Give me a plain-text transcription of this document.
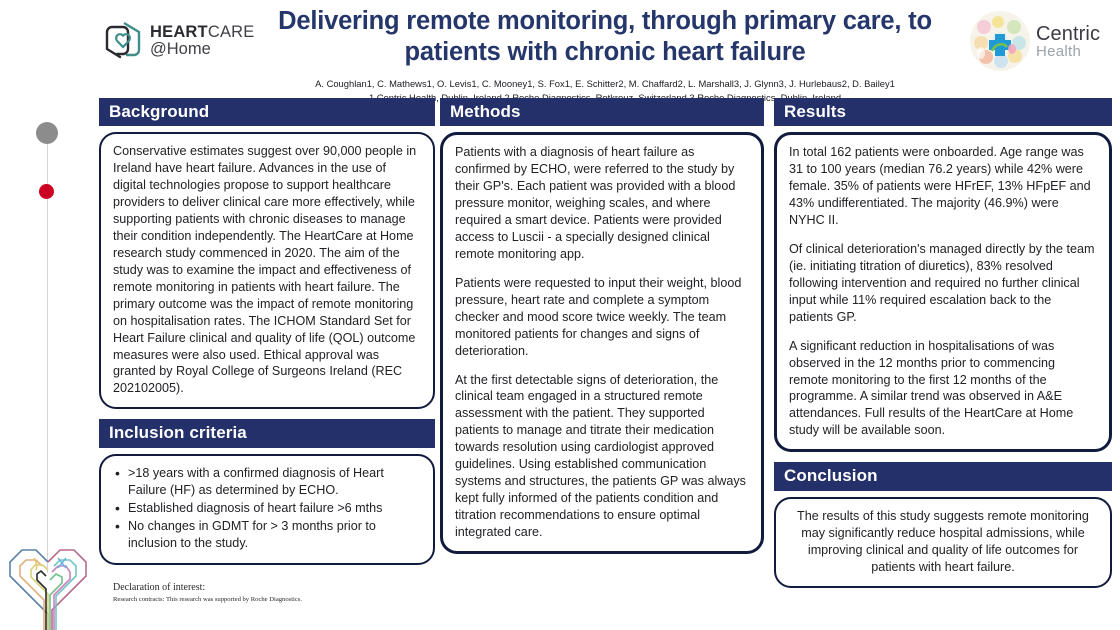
HEARTCARE
@Home
Delivering remote monitoring, through primary care, to patients with chronic heart failure
A. Coughlan1, C. Mathews1, O. Levis1, C. Mooney1, S. Fox1, E. Schitter2, M. Chaffard2, L. Marshall3, J. Glynn3, J. Hurlebaus2, D. Bailey1
Centric
Health
Background

Conservative estimates suggest over 90,000 people in Ireland have heart failure. Advances in the use of digital technologies propose to support healthcare providers to deliver clinical care more effectively, while supporting patients with chronic diseases to manage their condition independently. The HeartCare at Home research study commenced in 2020. The aim of the study was to examine the impact and effectiveness of remote monitoring in patients with heart failure. The primary outcome was the impact of remote monitoring on hospitalisation rates. The ICHOM Standard Set for Heart Failure clinical and quality of life (QOL) outcome measures were also used. Ethical approval was granted by Royal College of Surgeons Ireland (REC 202102005).

Inclusion criteria
• >18 years with a confirmed diagnosis of Heart Failure (HF) as determined by ECHO.
• Established diagnosis of heart failure >6 mths
• No changes in GDMT for > 3 months prior to inclusion to the study.
Methods

Patients with a diagnosis of heart failure as confirmed by ECHO, were referred to the study by their GP's. Each patient was provided with a blood pressure monitor, weighing scales, and where required a smart device. Patients were provided access to Luscii - a specially designed clinical remote monitoring app.

Patients were requested to input their weight, blood pressure, heart rate and complete a symptom checker and mood score twice weekly. The team monitored patients for changes and signs of deterioration.

At the first detectable signs of deterioration, the clinical team engaged in a structured remote assessment with the patient. They supported patients to manage and titrate their medication towards resolution using cardiologist approved guidelines. Using established communication systems and structures, the patients GP was always kept fully informed of the patients condition and titration recommendations to ensure optimal integrated care.

Results

In total 162 patients were onboarded. Age range was 31 to 100 years (median 76.2 years) while 42% were female. 35% of patients were HFrEF, 13% HFpEF and 43% undifferentiated. The majority (46.9%) were NYHC II.

Of clinical deterioration's managed directly by the team (ie. initiating titration of diuretics), 83% resolved following intervention and required no further clinical input while 11% required escalation back to the patients GP.

A significant reduction in hospitalisations of was observed in the 12 months prior to commencing remote monitoring to the first 12 months of the programme. A similar trend was observed in A&E attendances. Full results of the HeartCare at Home study will be available soon.

Conclusion

The results of this study suggests remote monitoring may significantly reduce hospital admissions, while improving clinical and quality of life outcomes for patients with heart failure.

Declaration of interest:
Research contracts: This research was supported by Roche Diagnostics.
